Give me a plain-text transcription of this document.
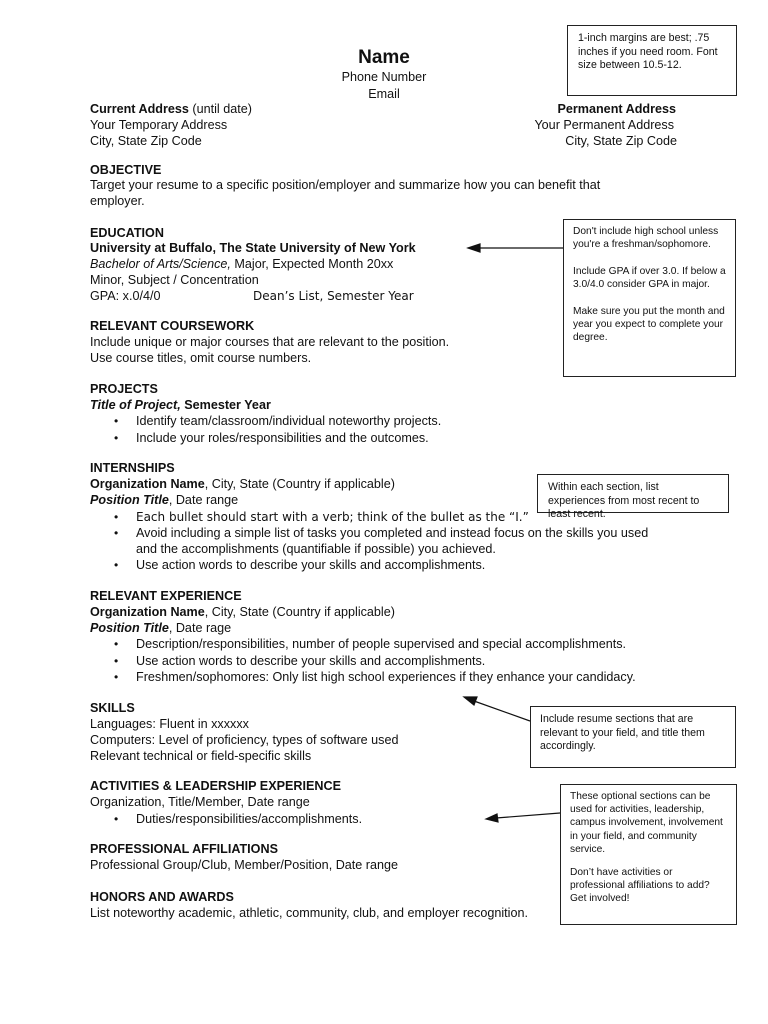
Name
Phone Number
Email
Current Address (until date)
Your Temporary Address
City, State Zip Code
Permanent Address
Your Permanent Address
City, State Zip Code
OBJECTIVE
Target your resume to a specific position/employer and summarize how you can benefit that
employer.
EDUCATION
University at Buffalo, The State University of New York
Bachelor of Arts/Science, Major, Expected Month 20xx
Minor, Subject / Concentration
GPA: x.0/4/0	Dean’s List, Semester Year
RELEVANT COURSEWORK
Include unique or major courses that are relevant to the position.
Use course titles, omit course numbers.
PROJECTS
Title of Project, Semester Year
• Identify team/classroom/individual noteworthy projects.
• Include your roles/responsibilities and the outcomes.
INTERNSHIPS
Organization Name, City, State (Country if applicable)
Position Title, Date range
• Each bullet should start with a verb; think of the bullet as the “I.”
• Avoid including a simple list of tasks you completed and instead focus on the skills you used
and the accomplishments (quantifiable if possible) you achieved.
• Use action words to describe your skills and accomplishments.
RELEVANT EXPERIENCE
Organization Name, City, State (Country if applicable)
Position Title, Date rage
• Description/responsibilities, number of people supervised and special accomplishments.
• Use action words to describe your skills and accomplishments.
• Freshmen/sophomores: Only list high school experiences if they enhance your candidacy.
SKILLS
Languages: Fluent in xxxxxx
Computers: Level of proficiency, types of software used
Relevant technical or field-specific skills
ACTIVITIES & LEADERSHIP EXPERIENCE
Organization, Title/Member, Date range
• Duties/responsibilities/accomplishments.
PROFESSIONAL AFFILIATIONS
Professional Group/Club, Member/Position, Date range
HONORS AND AWARDS
List noteworthy academic, athletic, community, club, and employer recognition.

1-inch margins are best; .75 inches if you need room. Font size between 10.5-12.

Don't include high school unless you're a freshman/sophomore.

Include GPA if over 3.0. If below a 3.0/4.0 consider GPA in major.

Make sure you put the month and year you expect to complete your degree.

Within each section, list experiences from most recent to least recent.

Include resume sections that are relevant to your field, and title them accordingly.

These optional sections can be used for activities, leadership, campus involvement, involvement in your field, and community service.

Don’t have activities or professional affiliations to add? Get involved!
